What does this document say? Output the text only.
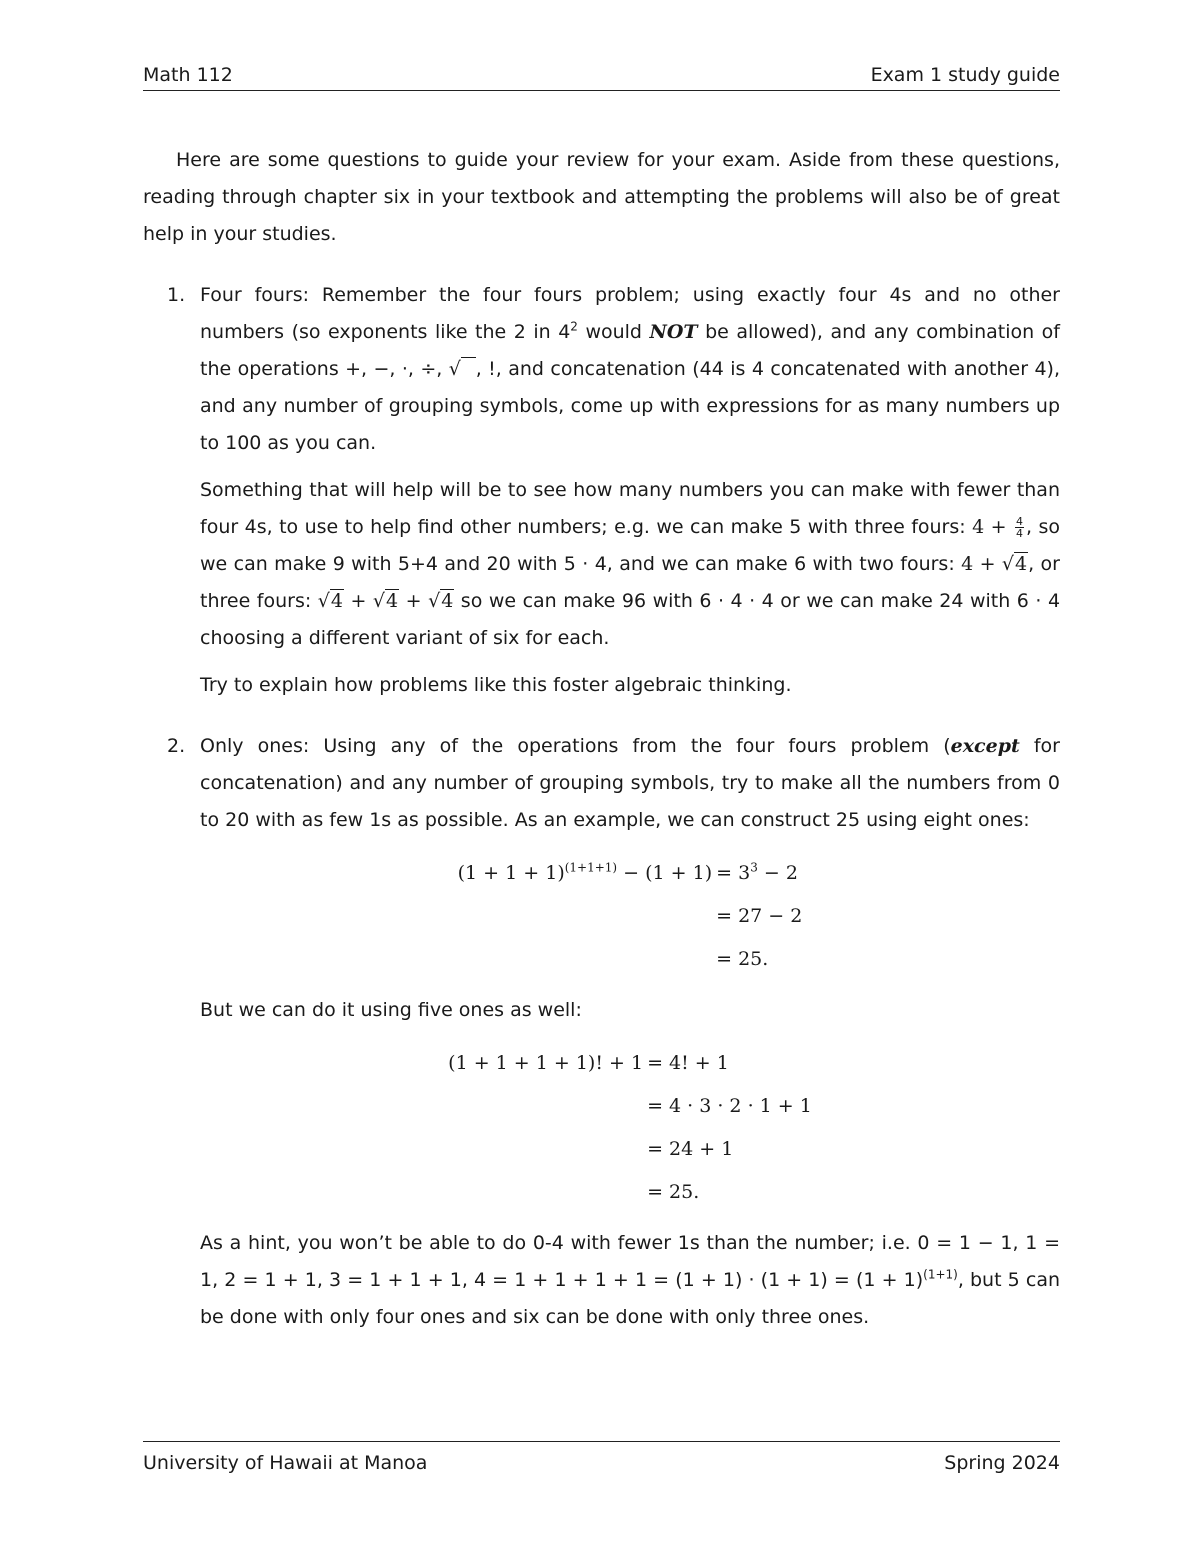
Math 112	Exam 1 study guide

Here are some questions to guide your review for your exam. Aside from these questions, reading through chapter six in your textbook and attempting the problems will also be of great help in your studies.

1. Four fours: Remember the four fours problem; using exactly four 4s and no other numbers (so exponents like the 2 in $4^2$ would NOT be allowed), and any combination of the operations +, −, ·, ÷, √ , !, and concatenation (44 is 4 concatenated with another 4), and any number of grouping symbols, come up with expressions for as many numbers up to 100 as you can.

Something that will help will be to see how many numbers you can make with fewer than four 4s, to use to help find other numbers; e.g. we can make 5 with three fours: $4 + \frac{4}{4}$ , so we can make 9 with 5+4 and 20 with 5 · 4, and we can make 6 with two fours: 4 + √4, or three fours: √4 + √4 + √4 so we can make 96 with 6 · 4 · 4 or we can make 24 with 6 · 4 choosing a different variant of six for each.

Try to explain how problems like this foster algebraic thinking.

2. Only ones: Using any of the operations from the four fours problem (except for concatenation) and any number of grouping symbols, try to make all the numbers from 0 to 20 with as few 1s as possible. As an example, we can construct 25 using eight ones:

$(1 + 1 + 1)^{(1+1+1)} - (1 + 1) = 3^3 - 2$
= 27 − 2
= 25.

But we can do it using five ones as well:

(1 + 1 + 1 + 1)! + 1 = 4! + 1
= 4 · 3 · 2 · 1 + 1
= 24 + 1
= 25.

As a hint, you won’t be able to do 0-4 with fewer 1s than the number; i.e. 0 = 1 − 1, 1 = 1, 2 = 1 + 1, 3 = 1 + 1 + 1, $4 = 1 + 1 + 1 + 1 = (1 + 1) \cdot (1 + 1) = (1 + 1)^{(1+1)}$, but 5 can be done with only four ones and six can be done with only three ones.

University of Hawaii at Manoa	Spring 2024
